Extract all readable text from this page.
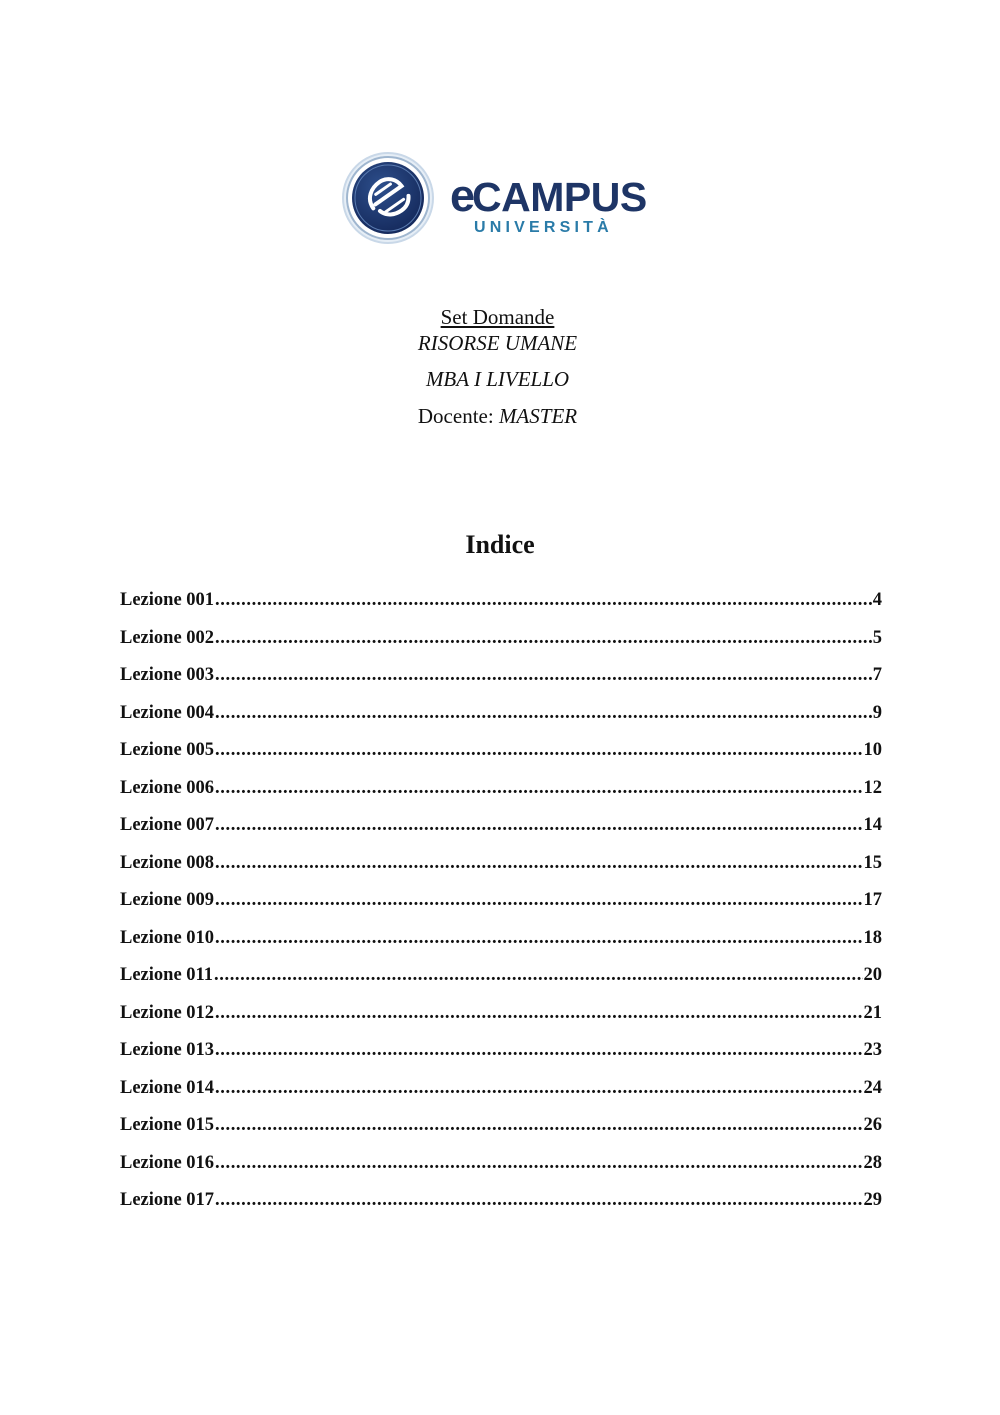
eCAMPUS
UNIVERSITÀ
Set Domande
RISORSE UMANE
MBA I LIVELLO
Docente: MASTER
Indice
Lezione 001 .....	4
Lezione 002 .....	5
Lezione 003 .....	7
Lezione 004 .....	9
Lezione 005 .....	10
Lezione 006 .....	12
Lezione 007 .....	14
Lezione 008 .....	15
Lezione 009 .....	17
Lezione 010 .....	18
Lezione 011 .....	20
Lezione 012 .....	21
Lezione 013 .....	23
Lezione 014 .....	24
Lezione 015 .....	26
Lezione 016 .....	28
Lezione 017 .....	29
